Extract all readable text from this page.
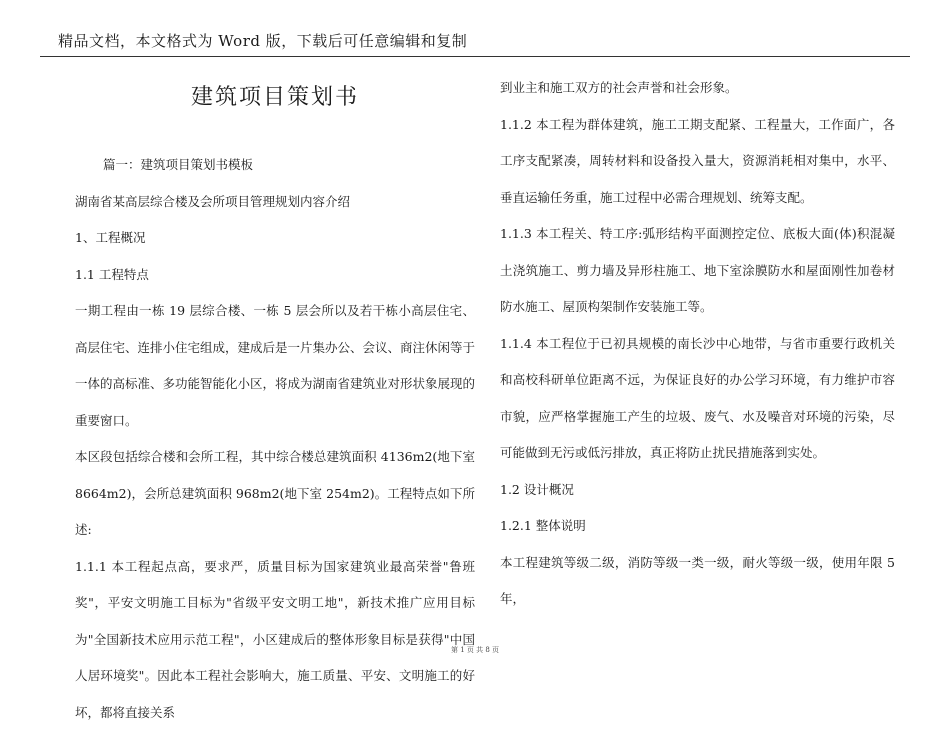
精品文档，本文格式为 Word 版，下载后可任意编辑和复制
建筑项目策划书

篇一：建筑项目策划书模板

湖南省某高层综合楼及会所项目管理规划内容介绍

1、工程概况

1.1 工程特点

一期工程由一栋 19 层综合楼、一栋 5 层会所以及若干栋小高层住宅、高层住宅、连排小住宅组成，建成后是一片集办公、会议、商注休闲等于一体的高标准、多功能智能化小区，将成为湖南省建筑业对形状象展现的重要窗口。

本区段包括综合楼和会所工程，其中综合楼总建筑面积 4136m2(地下室 8664m2)，会所总建筑面积 968m2(地下室 254m2)。工程特点如下所述:

1.1.1 本工程起点高，要求严，质量目标为国家建筑业最高荣誉"鲁班奖"，平安文明施工目标为"省级平安文明工地"，新技术推广应用目标为"全国新技术应用示范工程"，小区建成后的整体形象目标是获得"中国人居环境奖"。因此本工程社会影响大，施工质量、平安、文明施工的好坏，都将直接关系

到业主和施工双方的社会声誉和社会形象。

1.1.2 本工程为群体建筑，施工工期支配紧、工程量大，工作面广，各工序支配紧凑，周转材料和设备投入量大，资源消耗相对集中，水平、垂直运输任务重，施工过程中必需合理规划、统筹支配。

1.1.3 本工程关、特工序:弧形结构平面测控定位、底板大面(体)积混凝土浇筑施工、剪力墙及异形柱施工、地下室涂膜防水和屋面刚性加卷材防水施工、屋顶构架制作安装施工等。

1.1.4 本工程位于已初具规模的南长沙中心地带，与省市重要行政机关和高校科研单位距离不远，为保证良好的办公学习环境，有力维护市容市貌，应严格掌握施工产生的垃圾、废气、水及噪音对环境的污染，尽可能做到无污或低污排放，真正将防止扰民措施落到实处。

1.2 设计概况

1.2.1 整体说明

本工程建筑等级二级，消防等级一类一级，耐火等级一级，使用年限 5 年，

第 1 页 共 8 页
